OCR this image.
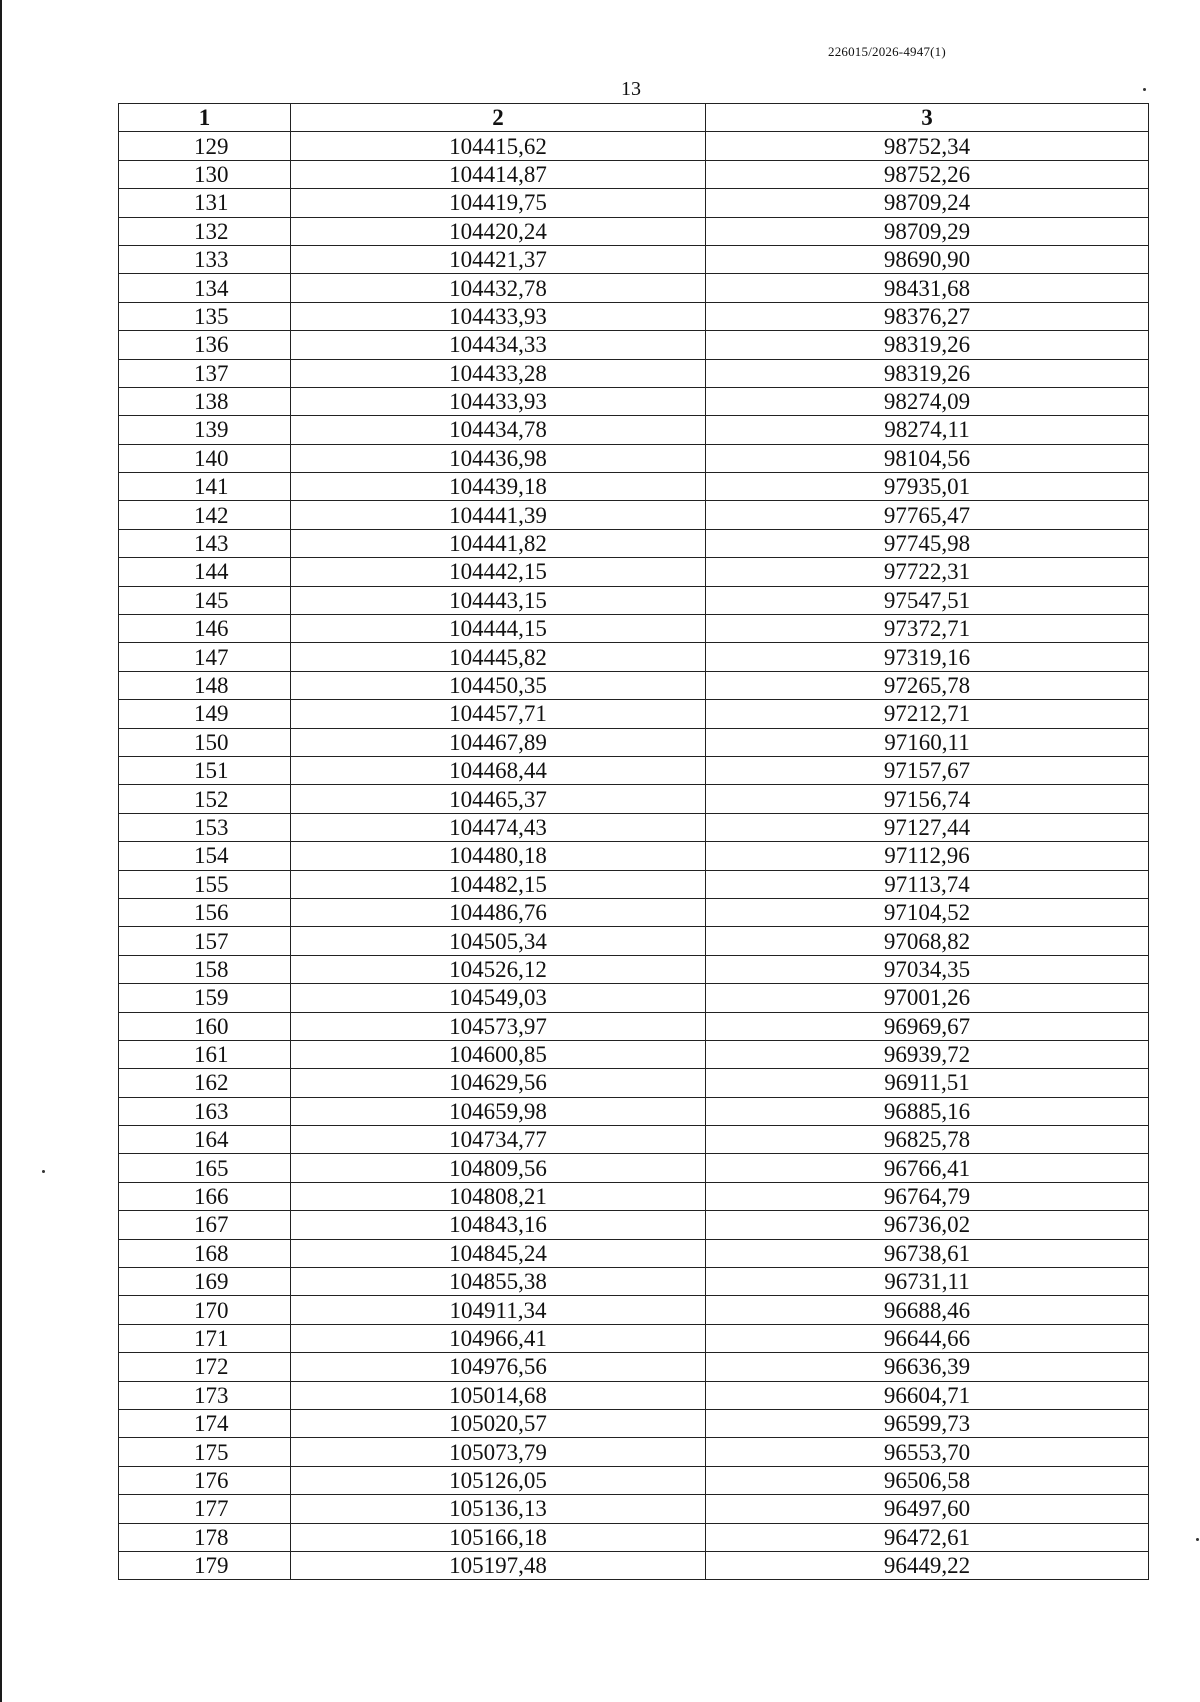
226015/2026-4947(1)
13
1	2	3
129	104415,62	98752,34
130	104414,87	98752,26
131	104419,75	98709,24
132	104420,24	98709,29
133	104421,37	98690,90
134	104432,78	98431,68
135	104433,93	98376,27
136	104434,33	98319,26
137	104433,28	98319,26
138	104433,93	98274,09
139	104434,78	98274,11
140	104436,98	98104,56
141	104439,18	97935,01
142	104441,39	97765,47
143	104441,82	97745,98
144	104442,15	97722,31
145	104443,15	97547,51
146	104444,15	97372,71
147	104445,82	97319,16
148	104450,35	97265,78
149	104457,71	97212,71
150	104467,89	97160,11
151	104468,44	97157,67
152	104465,37	97156,74
153	104474,43	97127,44
154	104480,18	97112,96
155	104482,15	97113,74
156	104486,76	97104,52
157	104505,34	97068,82
158	104526,12	97034,35
159	104549,03	97001,26
160	104573,97	96969,67
161	104600,85	96939,72
162	104629,56	96911,51
163	104659,98	96885,16
164	104734,77	96825,78
165	104809,56	96766,41
166	104808,21	96764,79
167	104843,16	96736,02
168	104845,24	96738,61
169	104855,38	96731,11
170	104911,34	96688,46
171	104966,41	96644,66
172	104976,56	96636,39
173	105014,68	96604,71
174	105020,57	96599,73
175	105073,79	96553,70
176	105126,05	96506,58
177	105136,13	96497,60
178	105166,18	96472,61
179	105197,48	96449,22
